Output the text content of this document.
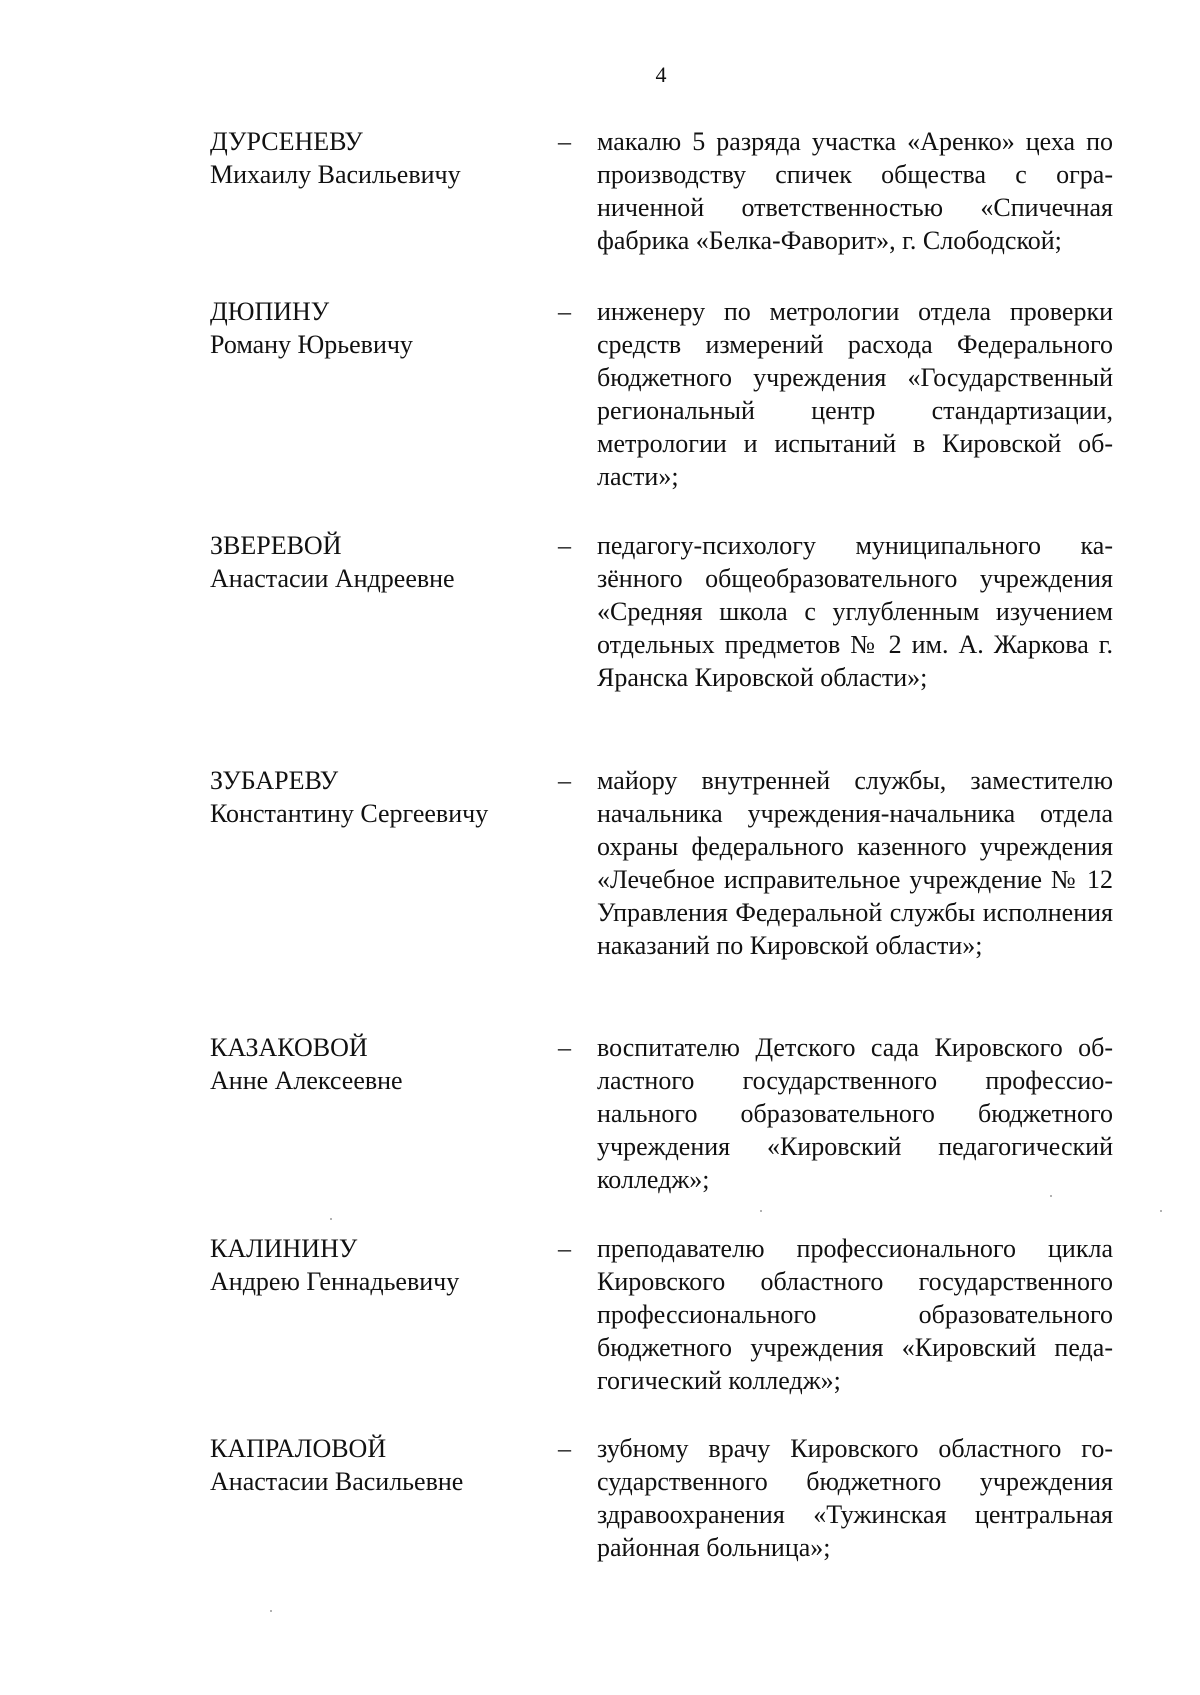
4
ДУРСЕНЕВУ
Михаилу Васильевичу
– макалю 5 разряда участка «Аренко» цеха по производству спичек общества с ограниченной ответственностью «Спичечная фабрика «Белка-Фаворит», г. Слободской;
ДЮПИНУ
Роману Юрьевичу
– инженеру по метрологии отдела проверки средств измерений расхода Федерального бюджетного учреждения «Государственный региональный центр стандартизации, метрологии и испытаний в Кировской области»;
ЗВЕРЕВОЙ
Анастасии Андреевне
– педагогу-психологу муниципального казённого общеобразовательного учреждения «Средняя школа с углубленным изучением отдельных предметов № 2 им. А. Жаркова г. Яранска Кировской области»;
ЗУБАРЕВУ
Константину Сергеевичу
– майору внутренней службы, заместителю начальника учреждения-начальника отдела охраны федерального казенного учреждения «Лечебное исправительное учреждение № 12 Управления Федеральной службы исполнения наказаний по Кировской области»;
КАЗАКОВОЙ
Анне Алексеевне
– воспитателю Детского сада Кировского областного государственного профессионального образовательного бюджетного учреждения «Кировский педагогический колледж»;
КАЛИНИНУ
Андрею Геннадьевичу
– преподавателю профессионального цикла Кировского областного государственного профессионального образовательного бюджетного учреждения «Кировский педагогический колледж»;
КАПРАЛОВОЙ
Анастасии Васильевне
– зубному врачу Кировского областного государственного бюджетного учреждения здравоохранения «Тужинская центральная районная больница»;
